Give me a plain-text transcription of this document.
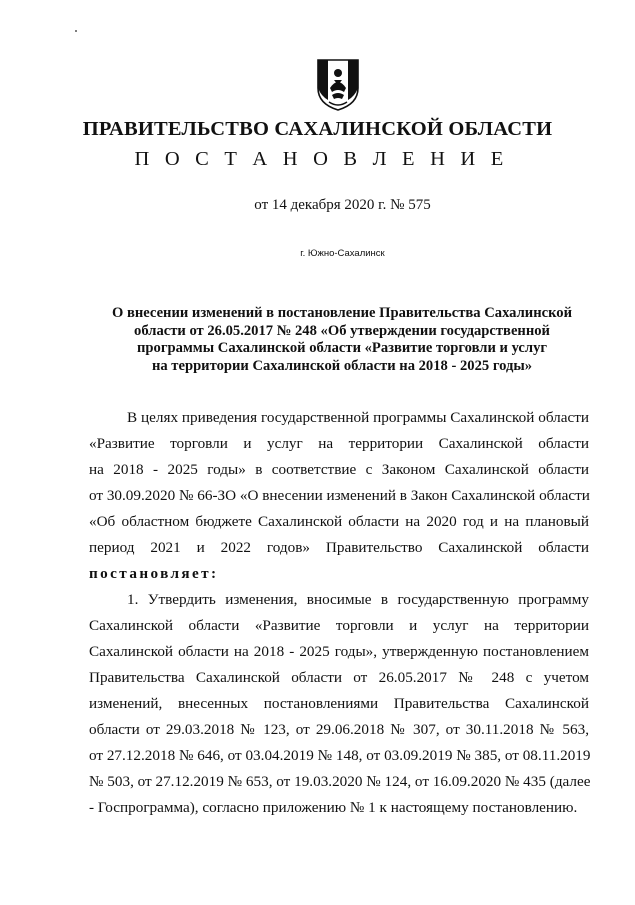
ПРАВИТЕЛЬСТВО САХАЛИНСКОЙ ОБЛАСТИ
П О С Т А Н О В Л Е Н И Е
от 14 декабря 2020 г. № 575
г. Южно-Сахалинск
О внесении изменений в постановление Правительства Сахалинской
области от 26.05.2017 № 248 «Об утверждении государственной
программы Сахалинской области «Развитие торговли и услуг
на территории Сахалинской области на 2018 - 2025 годы»
В целях приведения государственной программы Сахалинской области
«Развитие торговли и услуг на территории Сахалинской области
на 2018 - 2025 годы» в соответствие с Законом Сахалинской области
от 30.09.2020 № 66-ЗО «О внесении изменений в Закон Сахалинской области
«Об областном бюджете Сахалинской области на 2020 год и на плановый
период 2021 и 2022 годов» Правительство Сахалинской области
постановляет:
1. Утвердить изменения, вносимые в государственную программу
Сахалинской области «Развитие торговли и услуг на территории
Сахалинской области на 2018 - 2025 годы», утвержденную постановлением
Правительства Сахалинской области от 26.05.2017 № 248 с учетом
изменений, внесенных постановлениями Правительства Сахалинской
области от 29.03.2018 № 123, от 29.06.2018 № 307, от 30.11.2018 № 563,
от 27.12.2018 № 646, от 03.04.2019 № 148, от 03.09.2019 № 385, от 08.11.2019
№ 503, от 27.12.2019 № 653, от 19.03.2020 № 124, от 16.09.2020 № 435 (далее
- Госпрограмма), согласно приложению № 1 к настоящему постановлению.
